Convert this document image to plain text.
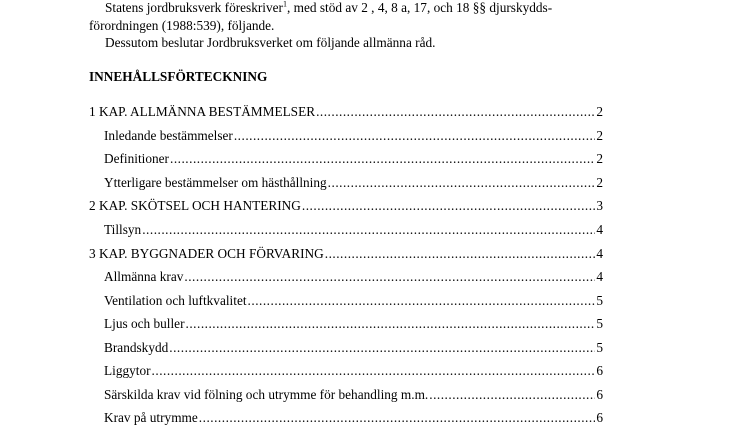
Statens jordbruksverk föreskriver$^1$, med stöd av 2 , 4, 8 a, 17, och 18 §§ djurskydds-
förordningen (1988:539), följande.
Dessutom beslutar Jordbruksverket om följande allmänna råd.
INNEHÅLLSFÖRTECKNING
1 KAP. ALLMÄNNA BESTÄMMELSER .....	2
Inledande bestämmelser .....	2
Definitioner .....	2
Ytterligare bestämmelser om hästhållning .....	2
2 KAP. SKÖTSEL OCH HANTERING .....	3
Tillsyn .....	4
3 KAP. BYGGNADER OCH FÖRVARING .....	4
Allmänna krav .....	4
Ventilation och luftkvalitet .....	5
Ljus och buller .....	5
Brandskydd .....	5
Liggytor .....	6
Särskilda krav vid fölning och utrymme för behandling m.m. .....	6
Krav på utrymme .....	6
